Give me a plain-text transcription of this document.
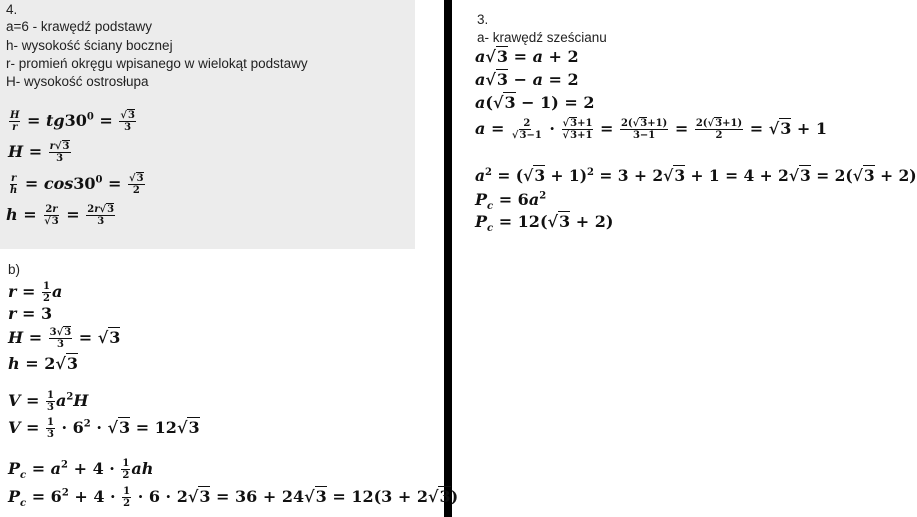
4.
a=6 - krawędź podstawy
h- wysokość ściany bocznej
r- promień okręgu wpisanego w wielokąt podstawy
H- wysokość ostrosłupa
$\frac{H}{r} = tg30^0 = \frac{√3}{3}$
$H = \frac{r√3}{3}$
$\frac{r}{h} = \cos 30^0 = \frac{√3}{2}$
$h = \frac{2r}{√3} = \frac{2r√3}{3}$
b)
$r = \frac{1}{2}$ a
r = 3
$H = \frac{3√3}{3} = √3$
h = 2√3
$V = \frac{1}{3} a^2H$
$V = \frac{1}{3} \cdot 6^2 \cdot √3 = 12√3$
$P_c = a^2 + 4 \cdot \frac{1}{2}$ ah
$P_c = 6^2 + 4 \cdot \frac{1}{2} \cdot 6 \cdot 2√3 = 36 + 24√3 = 12(3 + 2√3)$
3.
a- krawędź sześcianu
a√3 = a + 2
a√3 − a = 2
a(√3 − 1) = 2
$a = \frac{2}{√3-1} \cdot \frac{√3+1}{√3+1} = \frac{2(√3+1)}{3-1} = \frac{2(√3+1)}{2} = √3 + 1$
$a^2 = (√3 + 1)^2 = 3 + 2√3 + 1 = 4 + 2√3 = 2(√3 + 2)$
$P_c = 6a^2$
$P_c = 12(√3 + 2)$
